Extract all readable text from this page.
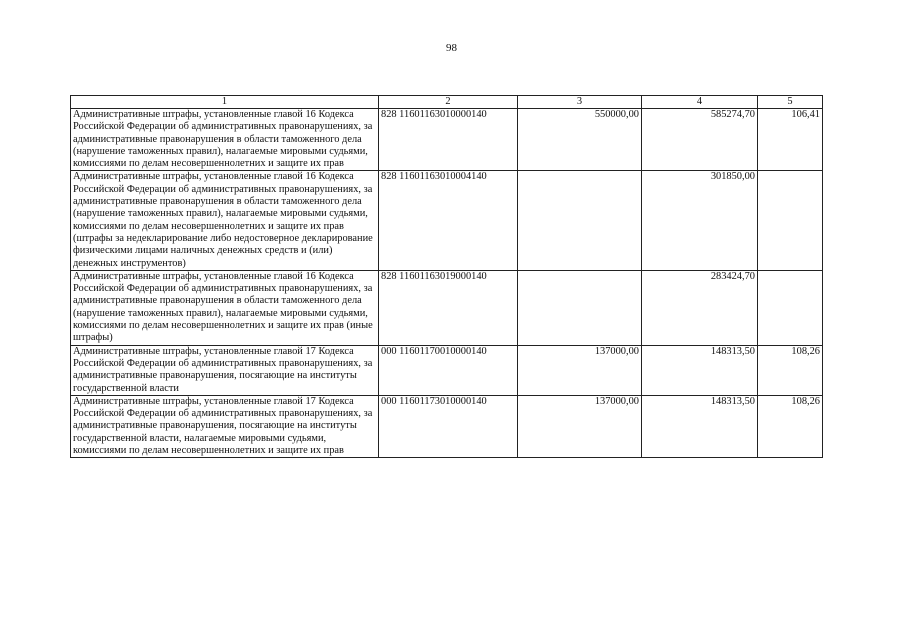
98
1	2	3	4	5
Административные штрафы, установленные главой 16 Кодекса Российской Федерации об административных правонарушениях, за административные правонарушения в области таможенного дела (нарушение таможенных правил), налагаемые мировыми судьями, комиссиями по делам несовершеннолетних и защите их прав	828 11601163010000140	550000,00	585274,70	106,41
Административные штрафы, установленные главой 16 Кодекса Российской Федерации об административных правонарушениях, за административные правонарушения в области таможенного дела (нарушение таможенных правил), налагаемые мировыми судьями, комиссиями по делам несовершеннолетних и защите их прав (штрафы за недекларирование либо недостоверное декларирование физическими лицами наличных денежных средств и (или) денежных инструментов)	828 11601163010004140		301850,00	
Административные штрафы, установленные главой 16 Кодекса Российской Федерации об административных правонарушениях, за административные правонарушения в области таможенного дела (нарушение таможенных правил), налагаемые мировыми судьями, комиссиями по делам несовершеннолетних и защите их прав (иные штрафы)	828 11601163019000140		283424,70	
Административные штрафы, установленные главой 17 Кодекса Российской Федерации об административных правонарушениях, за административные правонарушения, посягающие на институты государственной власти	000 11601170010000140	137000,00	148313,50	108,26
Административные штрафы, установленные главой 17 Кодекса Российской Федерации об административных правонарушениях, за административные правонарушения, посягающие на институты государственной власти, налагаемые мировыми судьями, комиссиями по делам несовершеннолетних и защите их прав	000 11601173010000140	137000,00	148313,50	108,26
